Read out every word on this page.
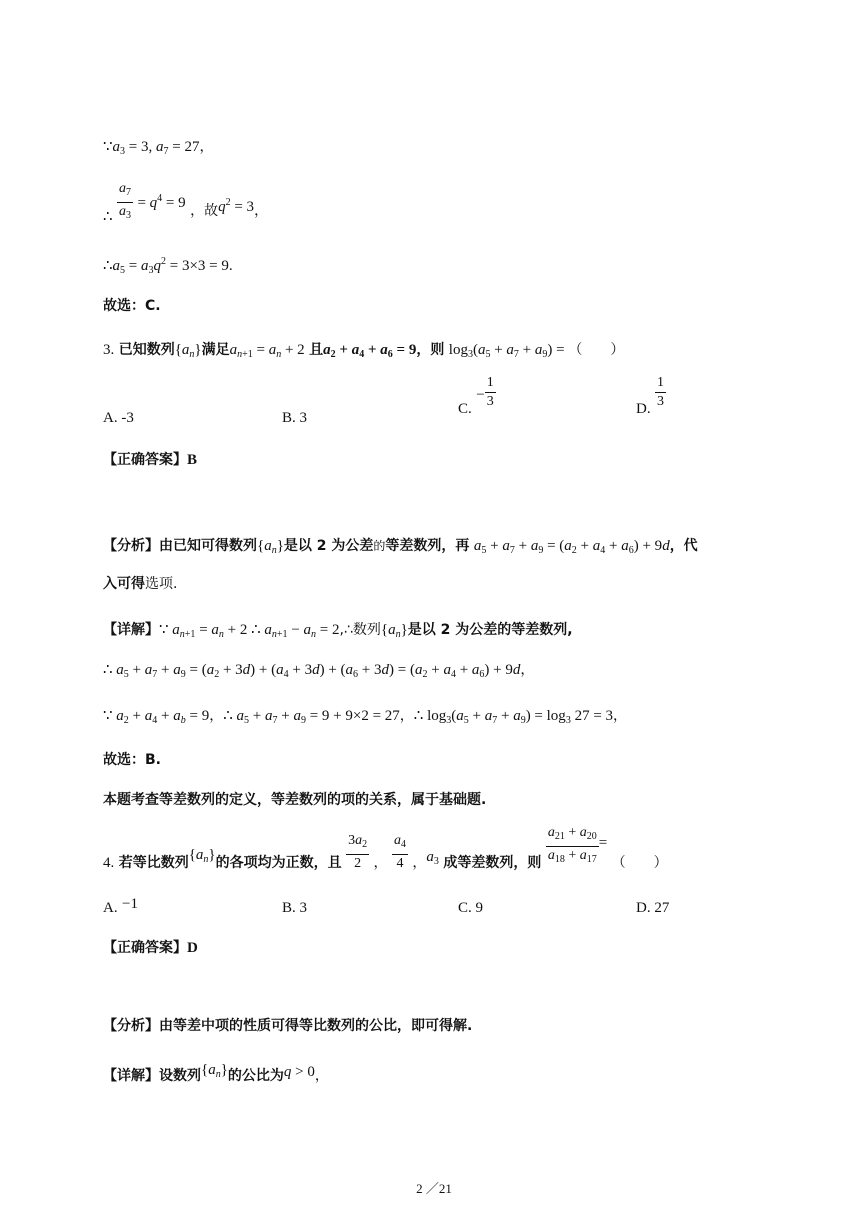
$\because a_3 = 3$, $a_7 = 27$，
∴ $\frac{a_7}{a_3} = q^4 = 9$ ，故$q^2 = 3$，
$\therefore a_5 = a_3q^2 = 3\times 3 = 9$.
故选：C.
3. 已知数列$\{a_n\}$满足$a_{n+1} = a_n + 2$ 且$a_2 + a_4 + a_6 = 9$，则 $\log_3(a_5 + a_7 + a_9)$ = （　　）
A. -3	B. 3
C. − $\frac{1}{3}$	D. $\frac{1}{3}$
【正确答案】B
【分析】由已知可得数列$\{a_n\}$是以 2 为公差的等差数列，再 $a_5 + a_7 + a_9 = (a_2 + a_4 + a_6) + 9d$，代
入可得选项.
【详解】∵ $a_{n+1} = a_n + 2$ ∴ $a_{n+1} - a_n$ = 2,∴数列$\{a_n\}$是以 2 为公差的等差数列,
∴ $a_5 + a_7 + a_9 = (a_2 + 3d) + (a_4 + 3d) + (a_6 + 3d) = (a_2 + a_4 + a_6) + 9d$，
∵ $a_2 + a_4 + a_b = 9$，∴ $a_5 + a_7 + a_9 = 9 + 9\times 2 = 27$，∴ $\log_3(a_5 + a_7 + a_9) = \log_3 27 = 3$，
故选：B.
本题考查等差数列的定义，等差数列的项的关系，属于基础题.
4. 若等比数列$\{a_n\}$的各项均为正数，且 $\frac{3a_2}{2}$ ， $\frac{a_4}{4}$ ，$a_3$ 成等差数列，则 $\frac{a_{21} + a_{20}}{a_{18} + a_{17}}$ = （　　）
A. −1	B. 3	C. 9	D. 27
【正确答案】D
【分析】由等差中项的性质可得等比数列的公比，即可得解.
【详解】设数列$\{a_n\}$的公比为q > 0，
2 ／21
